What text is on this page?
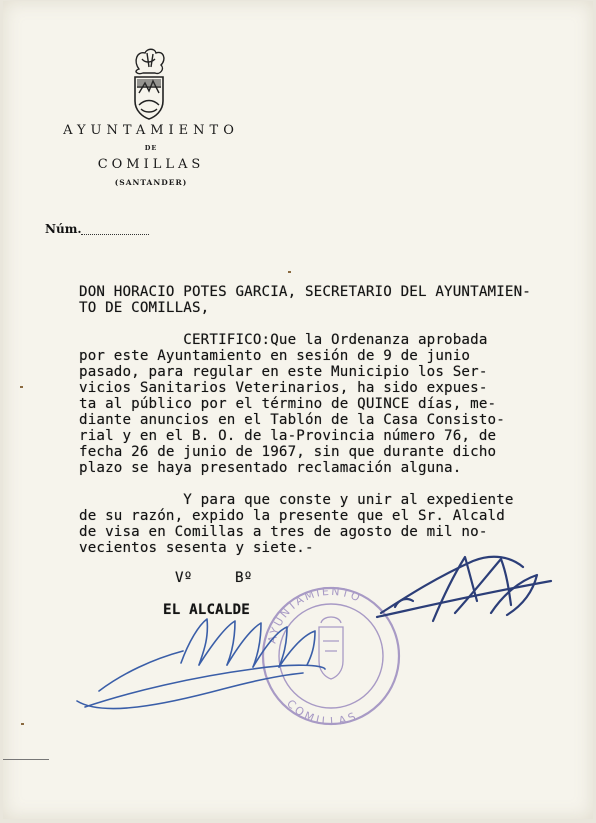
AYUNTAMIENTO
DE
COMILLAS
(SANTANDER)
Núm.
DON HORACIO POTES GARCIA, SECRETARIO DEL AYUNTAMIEN-
TO DE COMILLAS,
CERTIFICO:Que la Ordenanza aprobada
por este Ayuntamiento en sesión de 9 de junio
pasado, para regular en este Municipio los Ser-
vicios Sanitarios Veterinarios, ha sido expues-
ta al público por el término de QUINCE días, me-
diante anuncios en el Tablón de la Casa Consisto-
rial y en el B. O. de la-Provincia número 76, de
fecha 26 de junio de 1967, sin que durante dicho
plazo se haya presentado reclamación alguna.
Y para que conste y unir al expediente
de su razón, expido la presente que el Sr. Alcald
de visa en Comillas a tres de agosto de mil no-
vecientos sesenta y siete.-
Vº	Bº
EL ALCALDE
AYUNTAMIENTO
COMILLAS
